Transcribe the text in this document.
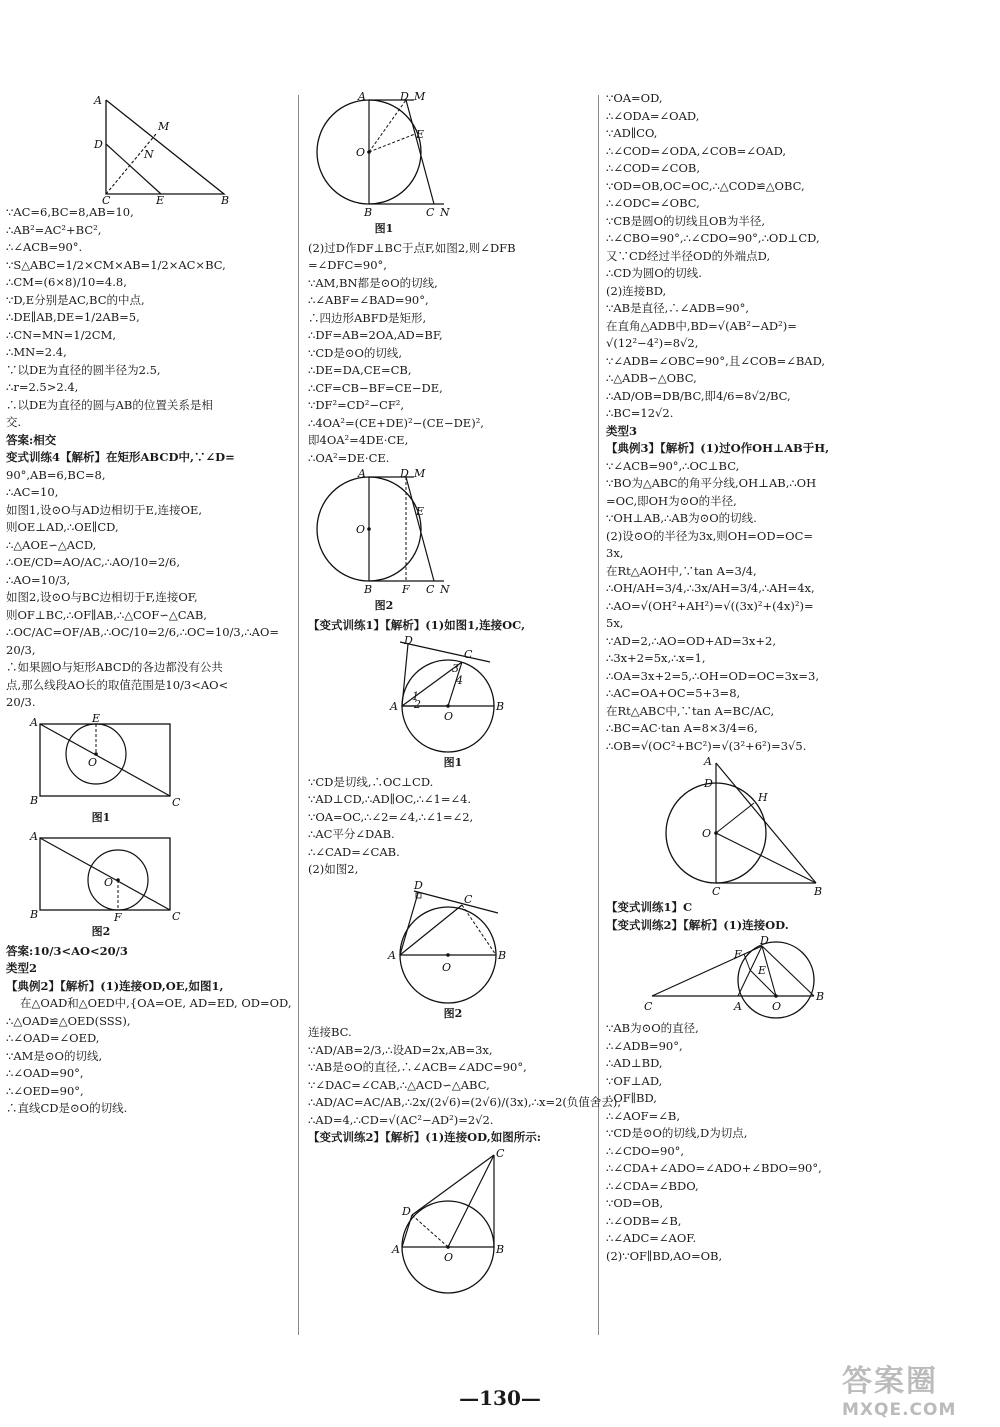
A
D
M
N
C	E	B
∵AC=6,BC=8,AB=10,
∴AB²=AC²+BC²,
∴∠ACB=90°.
∵S△ABC=1/2×CM×AB=1/2×AC×BC,
∴CM=(6×8)/10=4.8,
∵D,E分别是AC,BC的中点,
∴DE∥AB,DE=1/2AB=5,
∴CN=MN=1/2CM,
∴MN=2.4,
∵以DE为直径的圆半径为2.5,
∴r=2.5>2.4,
∴以DE为直径的圆与AB的位置关系是相
交.
答案:相交
变式训练4【解析】在矩形ABCD中,∵∠D=
90°,AB=6,BC=8,
∴AC=10,
如图1,设⊙O与AD边相切于E,连接OE,
则OE⊥AD,∴OE∥CD,
∴△AOE∽△ACD,
∴OE/CD=AO/AC,∴AO/10=2/6,
∴AO=10/3,
如图2,设⊙O与BC边相切于F,连接OF,
则OF⊥BC,∴OF∥AB,∴△COF∽△CAB,
∴OC/AC=OF/AB,∴OC/10=2/6,∴OC=10/3,∴AO=
20/3,
∴如果圆O与矩形ABCD的各边都没有公共
点,那么线段AO长的取值范围是10/3<AO<
20/3.
A	E
O
B	C
图1
A
O
F
B	C
图2
答案:10/3<AO<20/3
类型2
【典例2】【解析】(1)连接OD,OE,如图1,
在△OAD和△OED中,{OA=OE, AD=ED, OD=OD,
∴△OAD≌△OED(SSS),
∴∠OAD=∠OED,
∵AM是⊙O的切线,
∴∠OAD=90°,
∴∠OED=90°,
∴直线CD是⊙O的切线.
A	D M
E
O
B	C N
图1
(2)过D作DF⊥BC于点F,如图2,则∠DFB
=∠DFC=90°,
∵AM,BN都是⊙O的切线,
∴∠ABF=∠BAD=90°,
∴四边形ABFD是矩形,
∴DF=AB=2OA,AD=BF,
∵CD是⊙O的切线,
∴DE=DA,CE=CB,
∴CF=CB−BF=CE−DE,
∵DF²=CD²−CF²,
∴4OA²=(CE+DE)²−(CE−DE)²,
即4OA²=4DE·CE,
∴OA²=DE·CE.
A	D M
E
O
B	F C N
图2
【变式训练1】【解析】(1)如图1,连接OC,
D
C
3
4
1
2
A
O
B
图1
∵CD是切线,∴OC⊥CD.
∵AD⊥CD,∴AD∥OC,∴∠1=∠4.
∵OA=OC,∴∠2=∠4,∴∠1=∠2,
∴AC平分∠DAB.
∴∠CAD=∠CAB.
(2)如图2,
D
C
A
O
B
图2
连接BC.
∵AD/AB=2/3,∴设AD=2x,AB=3x,
∵AB是⊙O的直径,∴∠ACB=∠ADC=90°,
∵∠DAC=∠CAB,∴△ACD∽△ABC,
∴AD/AC=AC/AB,∴2x/(2√6)=(2√6)/(3x),∴x=2(负值舍去),
∴AD=4,∴CD=√(AC²−AD²)=2√2.
【变式训练2】【解析】(1)连接OD,如图所示:
C
D
A	B
O
∵OA=OD,
∴∠ODA=∠OAD,
∵AD∥CO,
∴∠COD=∠ODA,∠COB=∠OAD,
∴∠COD=∠COB,
∵OD=OB,OC=OC,∴△COD≌△OBC,
∴∠ODC=∠OBC,
∵CB是圆O的切线且OB为半径,
∴∠CBO=90°,∴∠CDO=90°,∴OD⊥CD,
又∵CD经过半径OD的外端点D,
∴CD为圆O的切线.
(2)连接BD,
∵AB是直径,∴∠ADB=90°,
在直角△ADB中,BD=√(AB²−AD²)=
√(12²−4²)=8√2,
∵∠ADB=∠OBC=90°,且∠COB=∠BAD,
∴△ADB∽△OBC,
∴AD/OB=DB/BC,即4/6=8√2/BC,
∴BC=12√2.
类型3
【典例3】【解析】(1)过O作OH⊥AB于H,
∵∠ACB=90°,∴OC⊥BC,
∵BO为△ABC的角平分线,OH⊥AB,∴OH
=OC,即OH为⊙O的半径,
∵OH⊥AB,∴AB为⊙O的切线.
(2)设⊙O的半径为3x,则OH=OD=OC=
3x,
在Rt△AOH中,∵tan A=3/4,
∴OH/AH=3/4,∴3x/AH=3/4,∴AH=4x,
∴AO=√(OH²+AH²)=√((3x)²+(4x)²)=
5x,
∵AD=2,∴AO=OD+AD=3x+2,
∴3x+2=5x,∴x=1,
∴OA=3x+2=5,∴OH=OD=OC=3x=3,
∴AC=OA+OC=5+3=8,
在Rt△ABC中,∵tan A=BC/AC,
∴BC=AC·tan A=8×3/4=6,
∴OB=√(OC²+BC²)=√(3²+6²)=3√5.
A
D
H
O
C	B
【变式训练1】C
【变式训练2】【解析】(1)连接OD.
D
F
E
C	A	O
B
∵AB为⊙O的直径,
∴∠ADB=90°,
∴AD⊥BD,
∵OF⊥AD,
∴OF∥BD,
∴∠AOF=∠B,
∵CD是⊙O的切线,D为切点,
∴∠CDO=90°,
∴∠CDA+∠ADO=∠ADO+∠BDO=90°,
∴∠CDA=∠BDO,
∵OD=OB,
∴∠ODB=∠B,
∴∠ADC=∠AOF.
(2)∵OF∥BD,AO=OB,
—130—	答案圈
MXQE.COM
